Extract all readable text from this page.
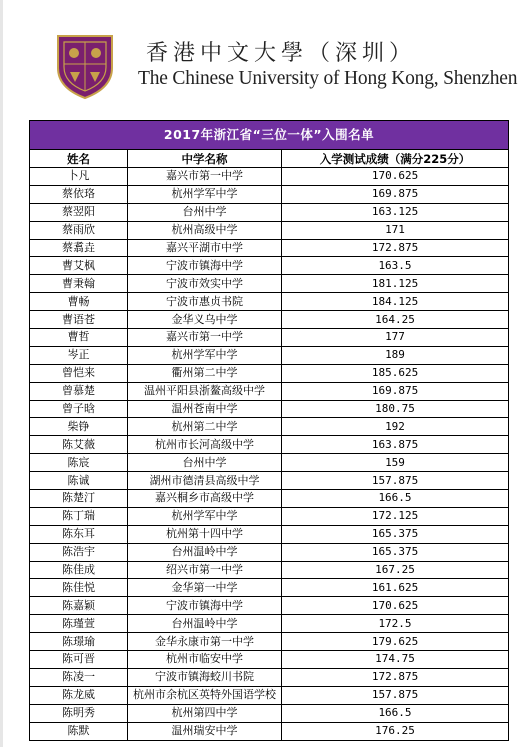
香港中文大學（深圳）
The Chinese University of Hong Kong, Shenzhen
2017年浙江省“三位一体”入围名单		
姓名	中学名称	入学测试成绩（满分225分）
卜凡	嘉兴市第一中学	170.625
蔡依珞	杭州学军中学	169.875
蔡翌阳	台州中学	163.125
蔡雨欣	杭州高级中学	171
蔡翥垚	嘉兴平湖市中学	172.875
曹艾枫	宁波市镇海中学	163.5
曹秉翰	宁波市效实中学	181.125
曹畅	宁波市惠贞书院	184.125
曹语苍	金华义乌中学	164.25
曹哲	嘉兴市第一中学	177
岑正	杭州学军中学	189
曾恺来	衢州第二中学	185.625
曾慕楚	温州平阳县浙鳌高级中学	169.875
曾子晗	温州苍南中学	180.75
柴铮	杭州第二中学	192
陈艾薇	杭州市长河高级中学	163.875
陈宸	台州中学	159
陈诚	湖州市德清县高级中学	157.875
陈楚汀	嘉兴桐乡市高级中学	166.5
陈丁瑞	杭州学军中学	172.125
陈东耳	杭州第十四中学	165.375
陈浩宇	台州温岭中学	165.375
陈佳成	绍兴市第一中学	167.25
陈佳悦	金华第一中学	161.625
陈嘉颖	宁波市镇海中学	170.625
陈瑾萱	台州温岭中学	172.5
陈璟瑜	金华永康市第一中学	179.625
陈可晋	杭州市临安中学	174.75
陈凌一	宁波市镇海蛟川书院	172.875
陈龙威	杭州市余杭区英特外国语学校	157.875
陈明秀	杭州第四中学	166.5
陈默	温州瑞安中学	176.25
